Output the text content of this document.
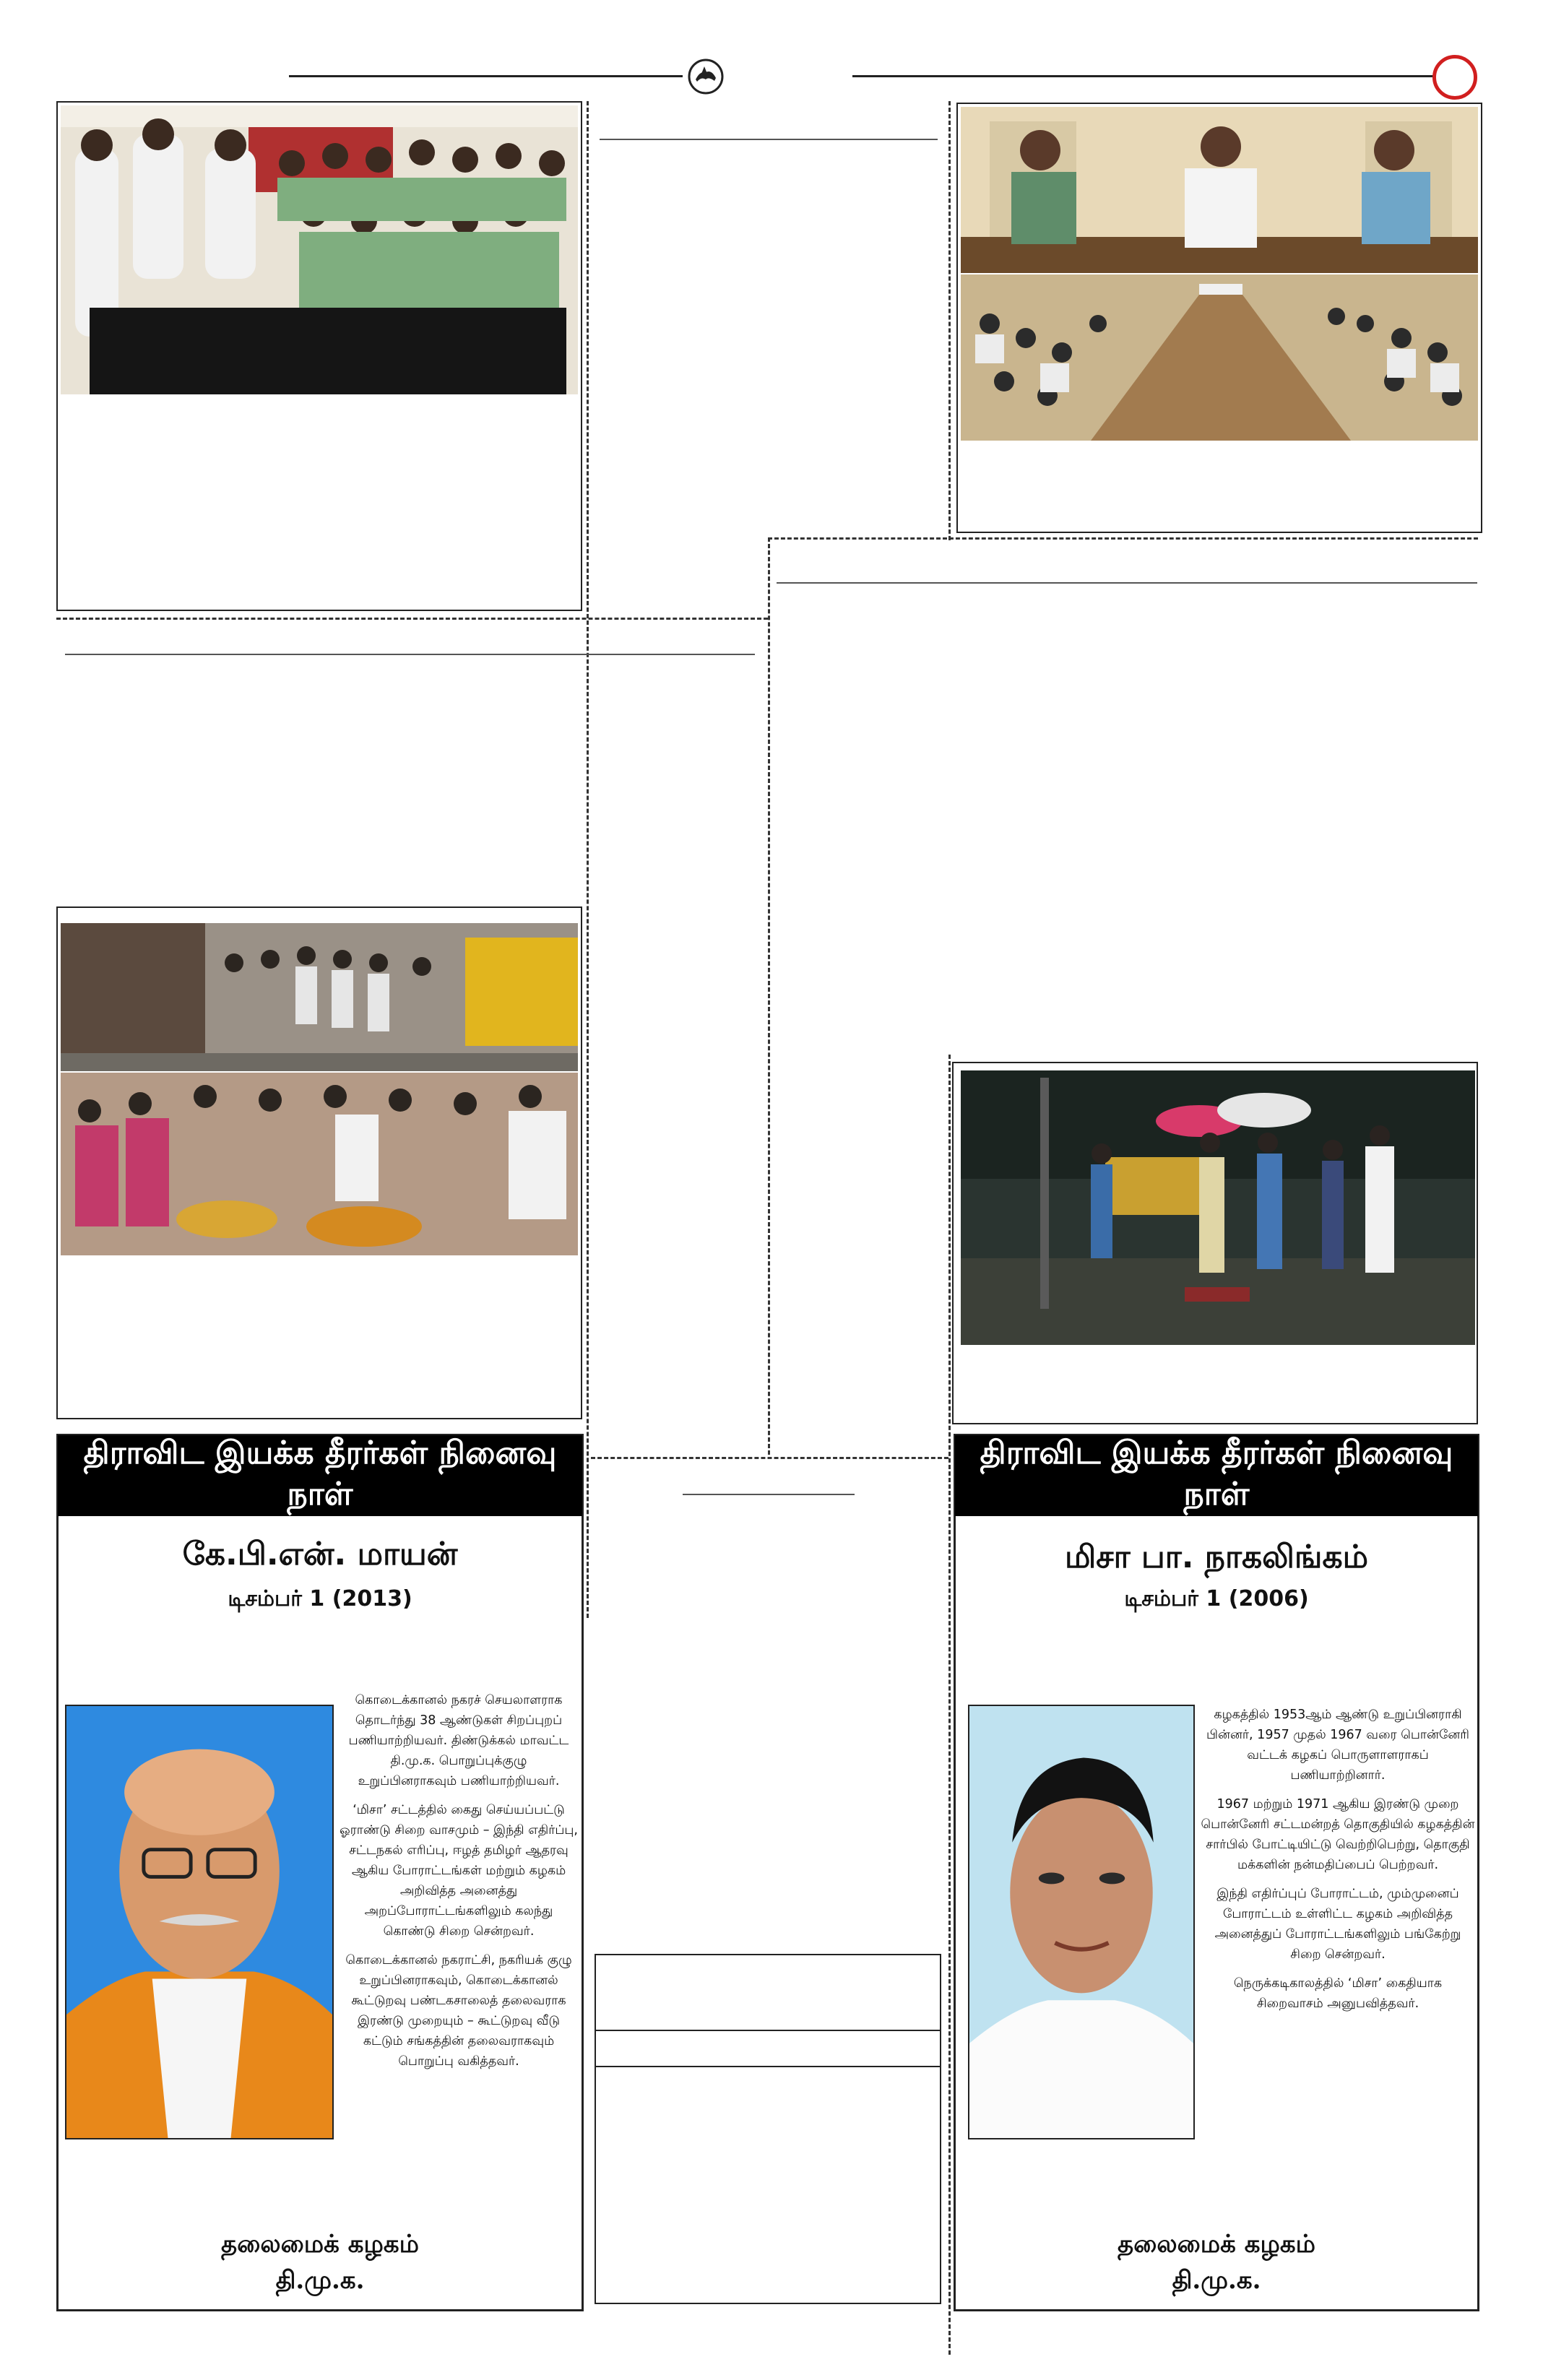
திராவிட இயக்க தீரர்கள் நினைவு நாள்
கே.பி.என். மாயன்
டிசம்பர் 1 (2013)

கொடைக்கானல் நகரச் செயலாளராக தொடர்ந்து 38 ஆண்டுகள் சிறப்புறப் பணியாற்றியவர். திண்டுக்கல் மாவட்ட தி.மு.க. பொறுப்புக்குழு உறுப்பினராகவும் பணியாற்றியவர்.

‘மிசா’ சட்டத்தில் கைது செய்யப்பட்டு ஓராண்டு சிறை வாசமும் – இந்தி எதிர்ப்பு, சட்டநகல் எரிப்பு, ஈழத் தமிழர் ஆதரவு ஆகிய போராட்டங்கள் மற்றும் கழகம் அறிவித்த அனைத்து அறப்போராட்டங்களிலும் கலந்து கொண்டு சிறை சென்றவர்.

கொடைக்கானல் நகராட்சி, நகரியக் குழு உறுப்பினராகவும், கொடைக்கானல் கூட்டுறவு பண்டகசாலைத் தலைவராக இரண்டு முறையும் – கூட்டுறவு வீடு கட்டும் சங்கத்தின் தலைவராகவும் பொறுப்பு வகித்தவர்.

தலைமைக் கழகம்
தி.மு.க.
திராவிட இயக்க தீரர்கள் நினைவு நாள்
மிசா பா. நாகலிங்கம்
டிசம்பர் 1 (2006)

கழகத்தில் 1953ஆம் ஆண்டு உறுப்பினராகி பின்னர், 1957 முதல் 1967 வரை பொன்னேரி வட்டக் கழகப் பொருளாளராகப் பணியாற்றினார்.

1967 மற்றும் 1971 ஆகிய இரண்டு முறை பொன்னேரி சட்டமன்றத் தொகுதியில் கழகத்தின் சார்பில் போட்டியிட்டு வெற்றிபெற்று, தொகுதி மக்களின் நன்மதிப்பைப் பெற்றவர்.

இந்தி எதிர்ப்புப் போராட்டம், மும்முனைப் போராட்டம் உள்ளிட்ட கழகம் அறிவித்த அனைத்துப் போராட்டங்களிலும் பங்கேற்று சிறை சென்றவர்.

நெருக்கடிகாலத்தில் ‘மிசா’ கைதியாக சிறைவாசம் அனுபவித்தவர்.

தலைமைக் கழகம்
தி.மு.க.
